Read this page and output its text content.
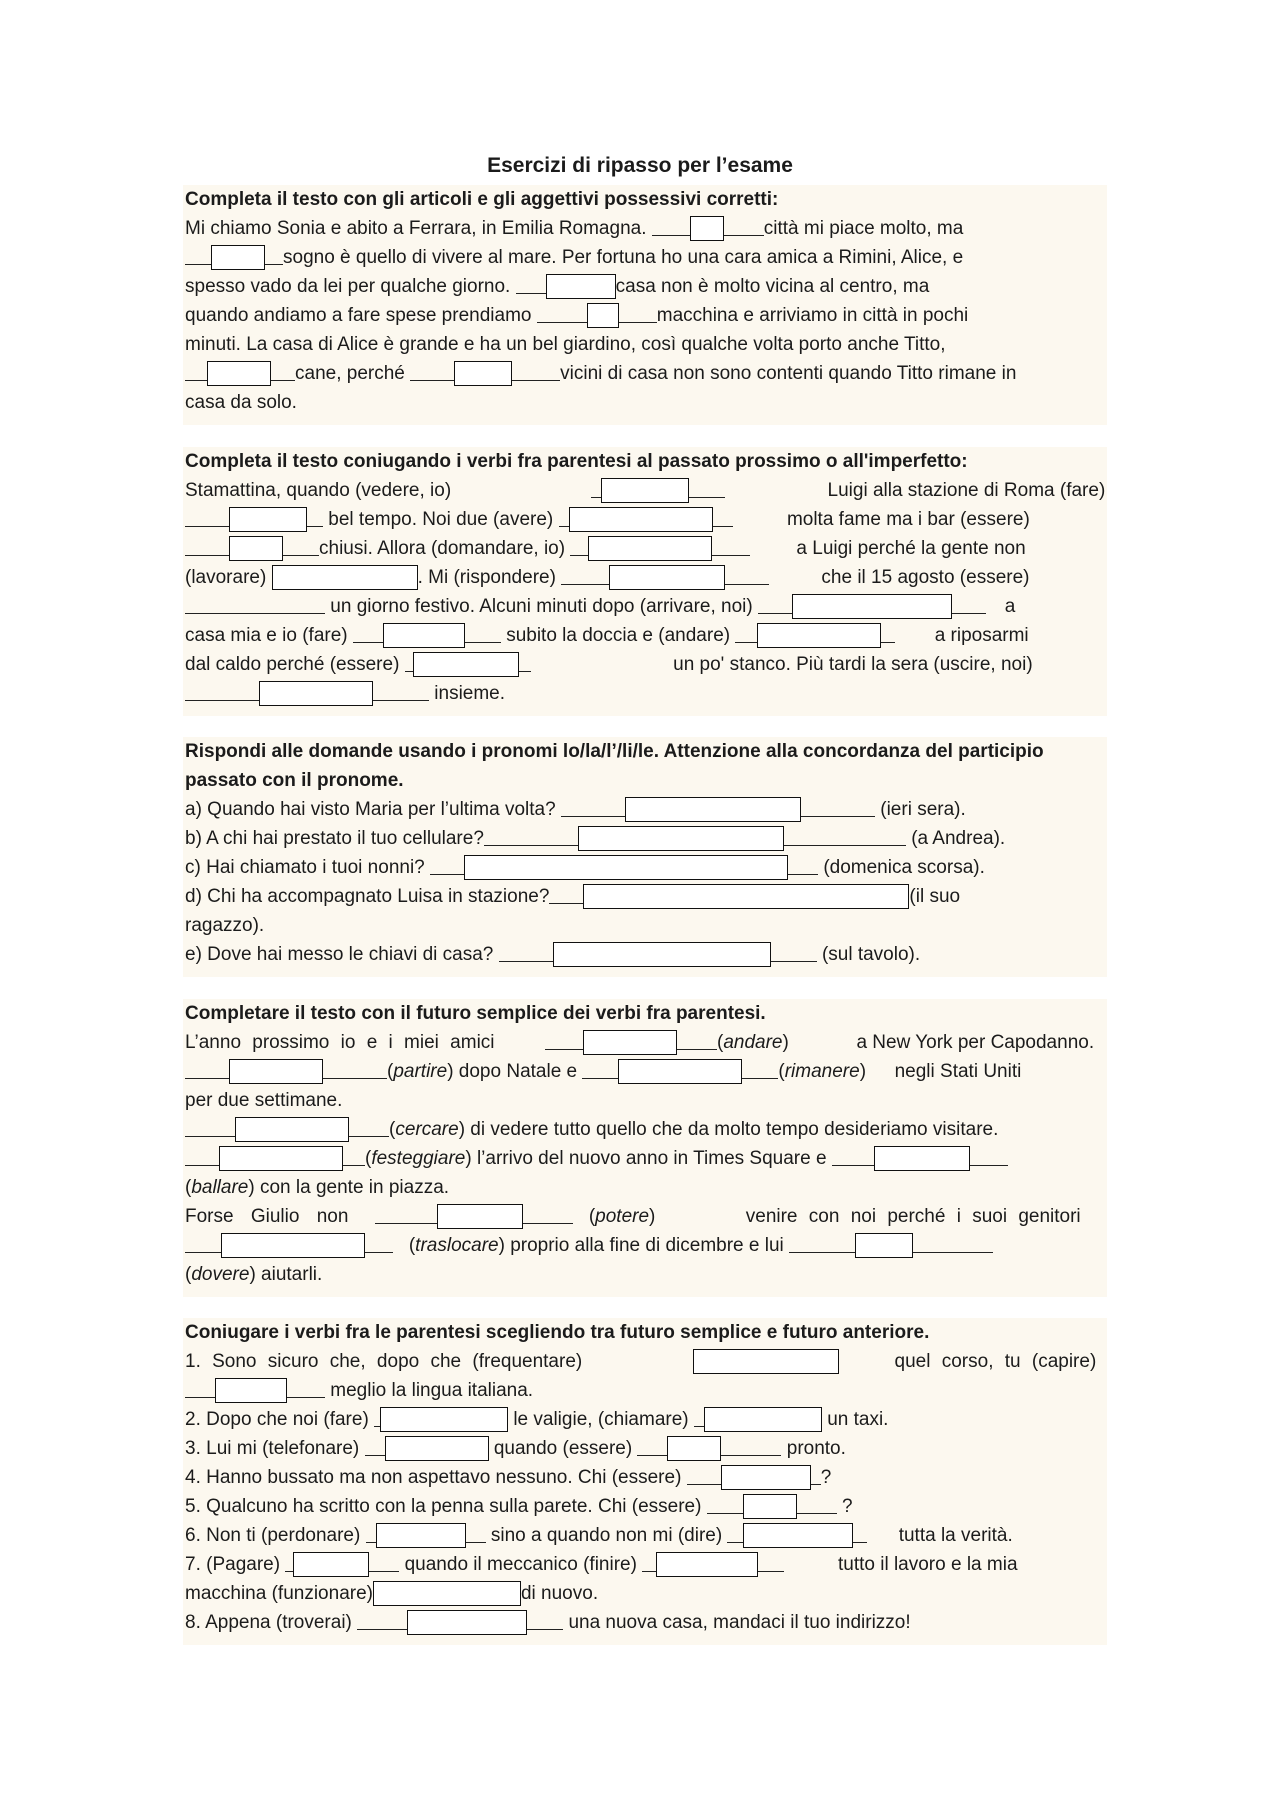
Esercizi di ripasso per l’esame

Completa il testo con gli articoli e gli aggettivi possessivi corretti:

Mi chiamo Sonia e abito a Ferrara, in Emilia Romagna.	città mi piace molto, ma
sogno è quello di vivere al mare. Per fortuna ho una cara amica a Rimini, Alice, e
spesso vado da lei per qualche giorno.	casa non è molto vicina al centro, ma
quando andiamo a fare spese prendiamo	macchina e arriviamo in città in pochi
minuti. La casa di Alice è grande e ha un bel giardino, così qualche volta porto anche Titto,
cane, perché	vicini di casa non sono contenti quando Titto rimane in
casa da solo.

Completa il testo coniugando i verbi fra parentesi al passato prossimo o all'imperfetto:

Stamattina, quando (vedere, io)	Luigi alla stazione di Roma (fare)
bel tempo. Noi due (avere)	molta fame ma i bar (essere)
chiusi. Allora (domandare, io)	a Luigi perché la gente non
(lavorare)	. Mi (rispondere)	che il 15 agosto (essere)
un giorno festivo. Alcuni minuti dopo (arrivare, noi)	a
casa mia e io (fare)	subito la doccia e (andare)	a riposarmi
dal caldo perché (essere)	un po' stanco. Più tardi la sera (uscire, noi)
insieme.

Rispondi alle domande usando i pronomi lo/la/l’/li/le. Attenzione alla concordanza del participio passato con il pronome.

a) Quando hai visto Maria per l’ultima volta?	(ieri sera).
b) A chi hai prestato il tuo cellulare?	(a Andrea).
c) Hai chiamato i tuoi nonni?	(domenica scorsa).
d) Chi ha accompagnato Luisa in stazione?	(il suo
ragazzo).
e) Dove hai messo le chiavi di casa?	(sul tavolo).

Completare il testo con il futuro semplice dei verbi fra parentesi.

L’anno prossimo io e i miei amici	(andare)	a New York per Capodanno.
(partire) dopo Natale e	(rimanere) negli Stati Uniti
per due settimane.
(cercare) di vedere tutto quello che da molto tempo desideriamo visitare.
(festeggiare) l’arrivo del nuovo anno in Times Square e
(ballare) con la gente in piazza.
Forse Giulio non	(potere)	venire con noi perché i suoi genitori
(traslocare) proprio alla fine di dicembre e lui
(dovere) aiutarli.

Coniugare i verbi fra le parentesi scegliendo tra futuro semplice e futuro anteriore.

1. Sono sicuro che, dopo che (frequentare)	quel corso, tu (capire)
meglio la lingua italiana.
2. Dopo che noi (fare)	le valigie, (chiamare)	un taxi.
3. Lui mi (telefonare)	quando (essere)	pronto.
4. Hanno bussato ma non aspettavo nessuno. Chi (essere)	?
5. Qualcuno ha scritto con la penna sulla parete. Chi (essere)	?
6. Non ti (perdonare)	sino a quando non mi (dire)	tutta la verità.
7. (Pagare)	quando il meccanico (finire)	tutto il lavoro e la mia
macchina (funzionare)	di nuovo.
8. Appena (troverai)	una nuova casa, mandaci il tuo indirizzo!
